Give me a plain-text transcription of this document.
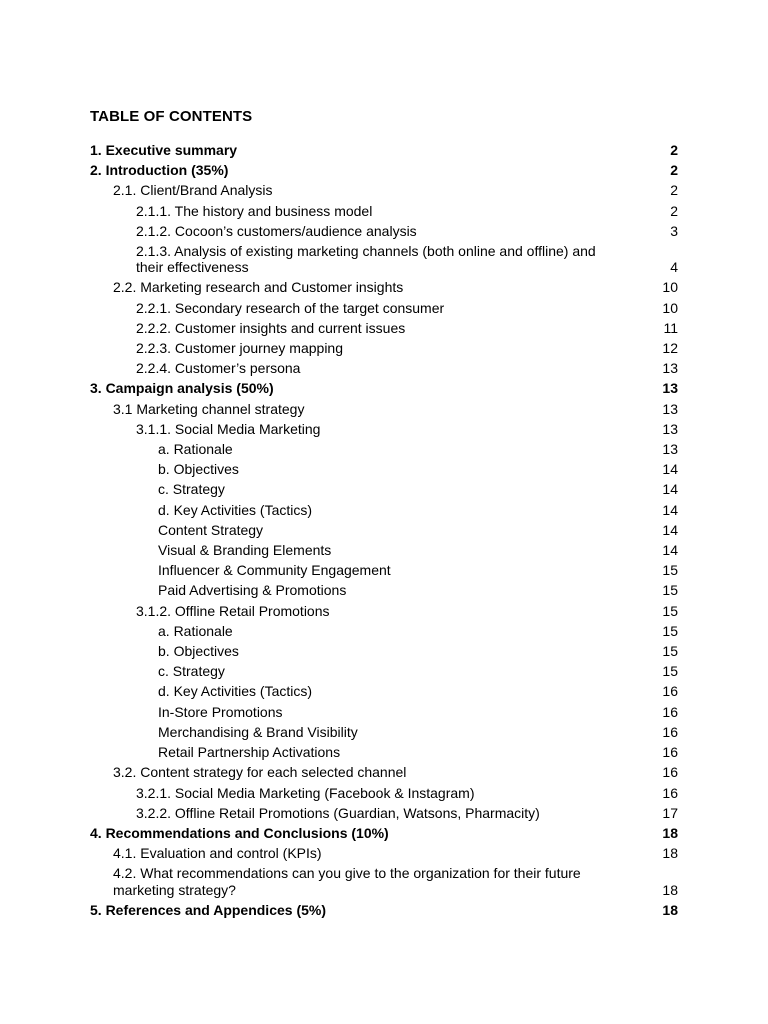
TABLE OF CONTENTS
1. Executive summary	2
2. Introduction (35%)	2
2.1. Client/Brand Analysis	2
2.1.1. The history and business model	2
2.1.2. Cocoon’s customers/audience analysis	3
2.1.3. Analysis of existing marketing channels (both online and offline) and their effectiveness	4
2.2. Marketing research and Customer insights	10
2.2.1. Secondary research of the target consumer	10
2.2.2. Customer insights and current issues	11
2.2.3. Customer journey mapping	12
2.2.4. Customer’s persona	13
3. Campaign analysis (50%)	13
3.1 Marketing channel strategy	13
3.1.1. Social Media Marketing	13
a. Rationale	13
b. Objectives	14
c. Strategy	14
d. Key Activities (Tactics)	14
Content Strategy	14
Visual & Branding Elements	14
Influencer & Community Engagement	15
Paid Advertising & Promotions	15
3.1.2. Offline Retail Promotions	15
a. Rationale	15
b. Objectives	15
c. Strategy	15
d. Key Activities (Tactics)	16
In-Store Promotions	16
Merchandising & Brand Visibility	16
Retail Partnership Activations	16
3.2. Content strategy for each selected channel	16
3.2.1. Social Media Marketing (Facebook & Instagram)	16
3.2.2. Offline Retail Promotions (Guardian, Watsons, Pharmacity)	17
4. Recommendations and Conclusions (10%)	18
4.1. Evaluation and control (KPIs)	18
4.2. What recommendations can you give to the organization for their future marketing strategy?	18
5. References and Appendices (5%)	18
